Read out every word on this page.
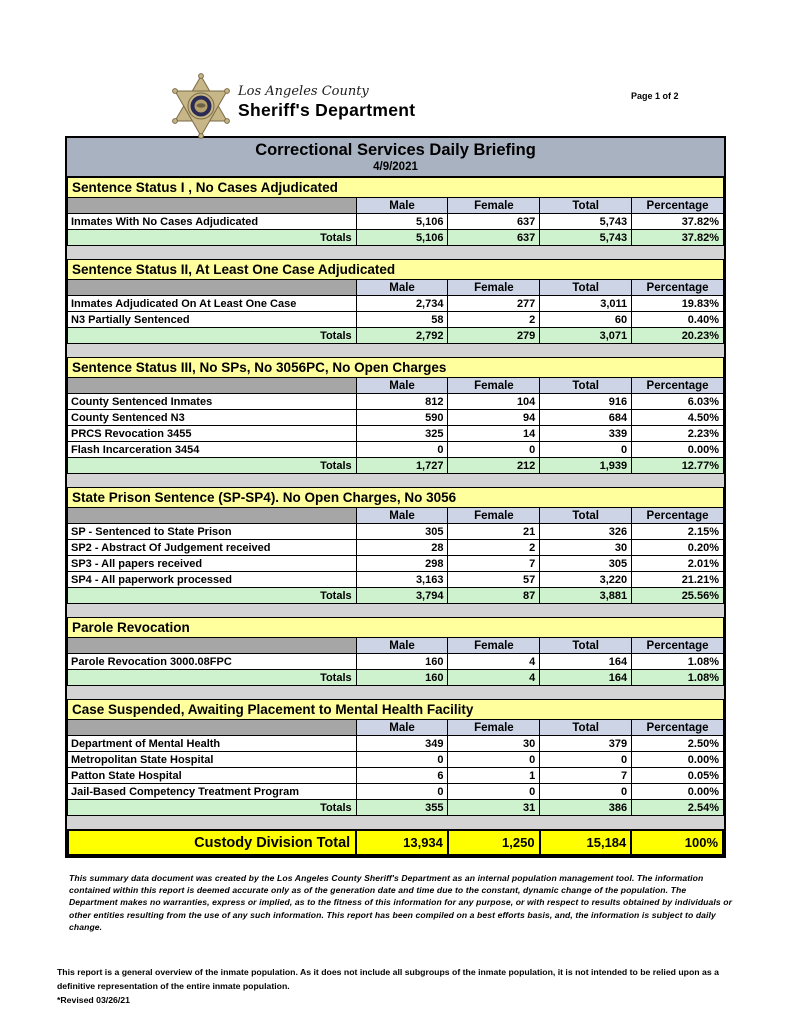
Los Angeles County
Sheriff's Department
Page 1 of 2
Correctional Services Daily Briefing
4/9/2021
Sentence Status I , No Cases Adjudicated				
	Male	Female	Total	Percentage
Inmates With No Cases Adjudicated	5,106	637	5,743	37.82%
Totals	5,106	637	5,743	37.82%
Sentence Status II, At Least One Case Adjudicated				
	Male	Female	Total	Percentage
Inmates Adjudicated On At Least One Case	2,734	277	3,011	19.83%
N3 Partially Sentenced	58	2	60	0.40%
Totals	2,792	279	3,071	20.23%
Sentence Status III, No SPs, No 3056PC, No Open Charges				
	Male	Female	Total	Percentage
County Sentenced Inmates	812	104	916	6.03%
County Sentenced N3	590	94	684	4.50%
PRCS Revocation 3455	325	14	339	2.23%
Flash Incarceration 3454	0	0	0	0.00%
Totals	1,727	212	1,939	12.77%
State Prison Sentence (SP-SP4). No Open Charges, No 3056				
	Male	Female	Total	Percentage
SP - Sentenced to State Prison	305	21	326	2.15%
SP2 - Abstract Of Judgement received	28	2	30	0.20%
SP3 - All papers received	298	7	305	2.01%
SP4 - All paperwork processed	3,163	57	3,220	21.21%
Totals	3,794	87	3,881	25.56%
Parole Revocation				
	Male	Female	Total	Percentage
Parole Revocation 3000.08FPC	160	4	164	1.08%
Totals	160	4	164	1.08%
Case Suspended, Awaiting Placement to Mental Health Facility				
	Male	Female	Total	Percentage
Department of Mental Health	349	30	379	2.50%
Metropolitan State Hospital	0	0	0	0.00%
Patton State Hospital	6	1	7	0.05%
Jail-Based Competency Treatment Program	0	0	0	0.00%
Totals	355	31	386	2.54%
Custody Division Total	13,934	1,250	15,184	100%

This summary data document was created by the Los Angeles County Sheriff's Department as an internal population management tool. The information contained within this report is deemed accurate only as of the generation date and time due to the constant, dynamic change of the population. The Department makes no warranties, express or implied, as to the fitness of this information for any purpose, or with respect to results obtained by individuals or other entities resulting from the use of any such information. This report has been compiled on a best efforts basis, and, the information is subject to daily change.

This report is a general overview of the inmate population. As it does not include all subgroups of the inmate population, it is not intended to be relied upon as a definitive representation of the entire inmate population.

*Revised 03/26/21
